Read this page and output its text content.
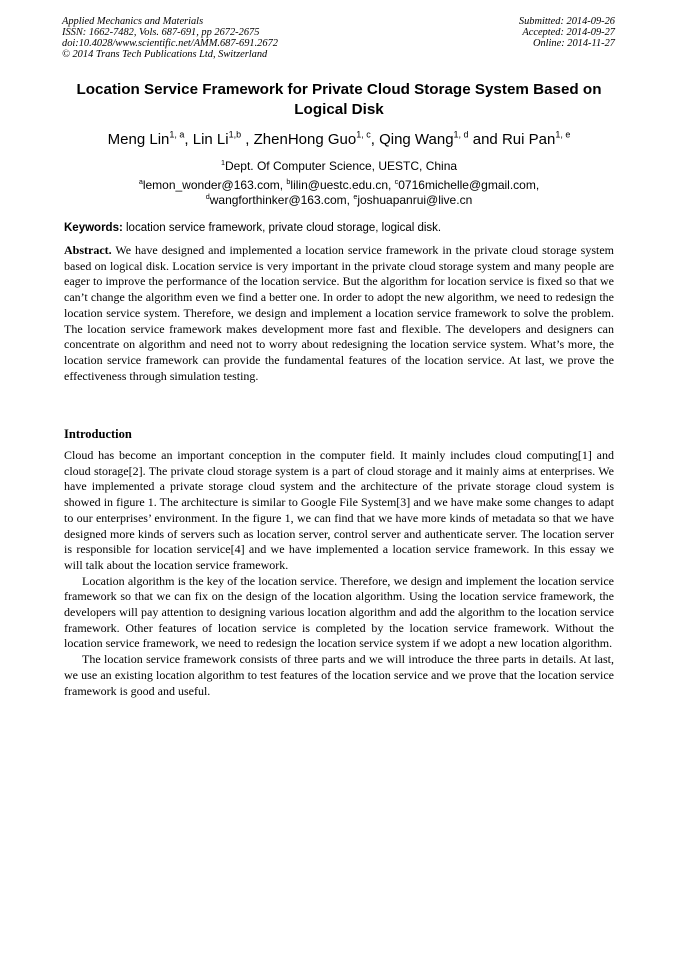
Applied Mechanics and Materials
ISSN: 1662-7482, Vols. 687-691, pp 2672-2675
doi:10.4028/www.scientific.net/AMM.687-691.2672
© 2014 Trans Tech Publications Ltd, Switzerland
Submitted: 2014-09-26
Accepted: 2014-09-27
Online: 2014-11-27
Location Service Framework for Private Cloud Storage System Based on Logical Disk
Meng Lin$^{1, a}$, Lin Li$^{1,b}$ , ZhenHong Guo$^{1, c}$, Qing Wang$^{1, d}$ and Rui Pan$^{1, e}$
$^1$Dept. Of Computer Science, UESTC, China
$^a$lemon_wonder@163.com, $^b$lilin@uestc.edu.cn, $^c$0716michelle@gmail.com,
$^d$wangforthinker@163.com, $^e$joshuapanrui@live.cn
Keywords: location service framework, private cloud storage, logical disk.

Abstract. We have designed and implemented a location service framework in the private cloud storage system based on logical disk. Location service is very important in the private cloud storage system and many people are eager to improve the performance of the location service. But the algorithm for location service is fixed so that we can’t change the algorithm even we find a better one. In order to adopt the new algorithm, we need to redesign the location service system. Therefore, we design and implement a location service framework to solve the problem. The location service framework makes development more fast and flexible. The developers and designers can concentrate on algorithm and need not to worry about redesigning the location service system. What’s more, the location service framework can provide the fundamental features of the location service. At last, we prove the effectiveness through simulation testing.

Introduction

Cloud has become an important conception in the computer field. It mainly includes cloud computing[1] and cloud storage[2]. The private cloud storage system is a part of cloud storage and it mainly aims at enterprises. We have implemented a private storage cloud system and the architecture of the private storage cloud system is showed in figure 1. The architecture is similar to Google File System[3] and we have make some changes to adapt to our enterprises’ environment. In the figure 1, we can find that we have more kinds of metadata so that we have designed more kinds of servers such as location server, control server and authenticate server. The location server is responsible for location service[4] and we have implemented a location service framework. In this essay we will talk about the location service framework.

Location algorithm is the key of the location service. Therefore, we design and implement the location service framework so that we can fix on the design of the location algorithm. Using the location service framework, the developers will pay attention to designing various location algorithm and add the algorithm to the location service framework. Other features of location service is completed by the location service framework. Without the location service framework, we need to redesign the location service system if we adopt a new location algorithm.

The location service framework consists of three parts and we will introduce the three parts in details. At last, we use an existing location algorithm to test features of the location service and we prove that the location service framework is good and useful.
